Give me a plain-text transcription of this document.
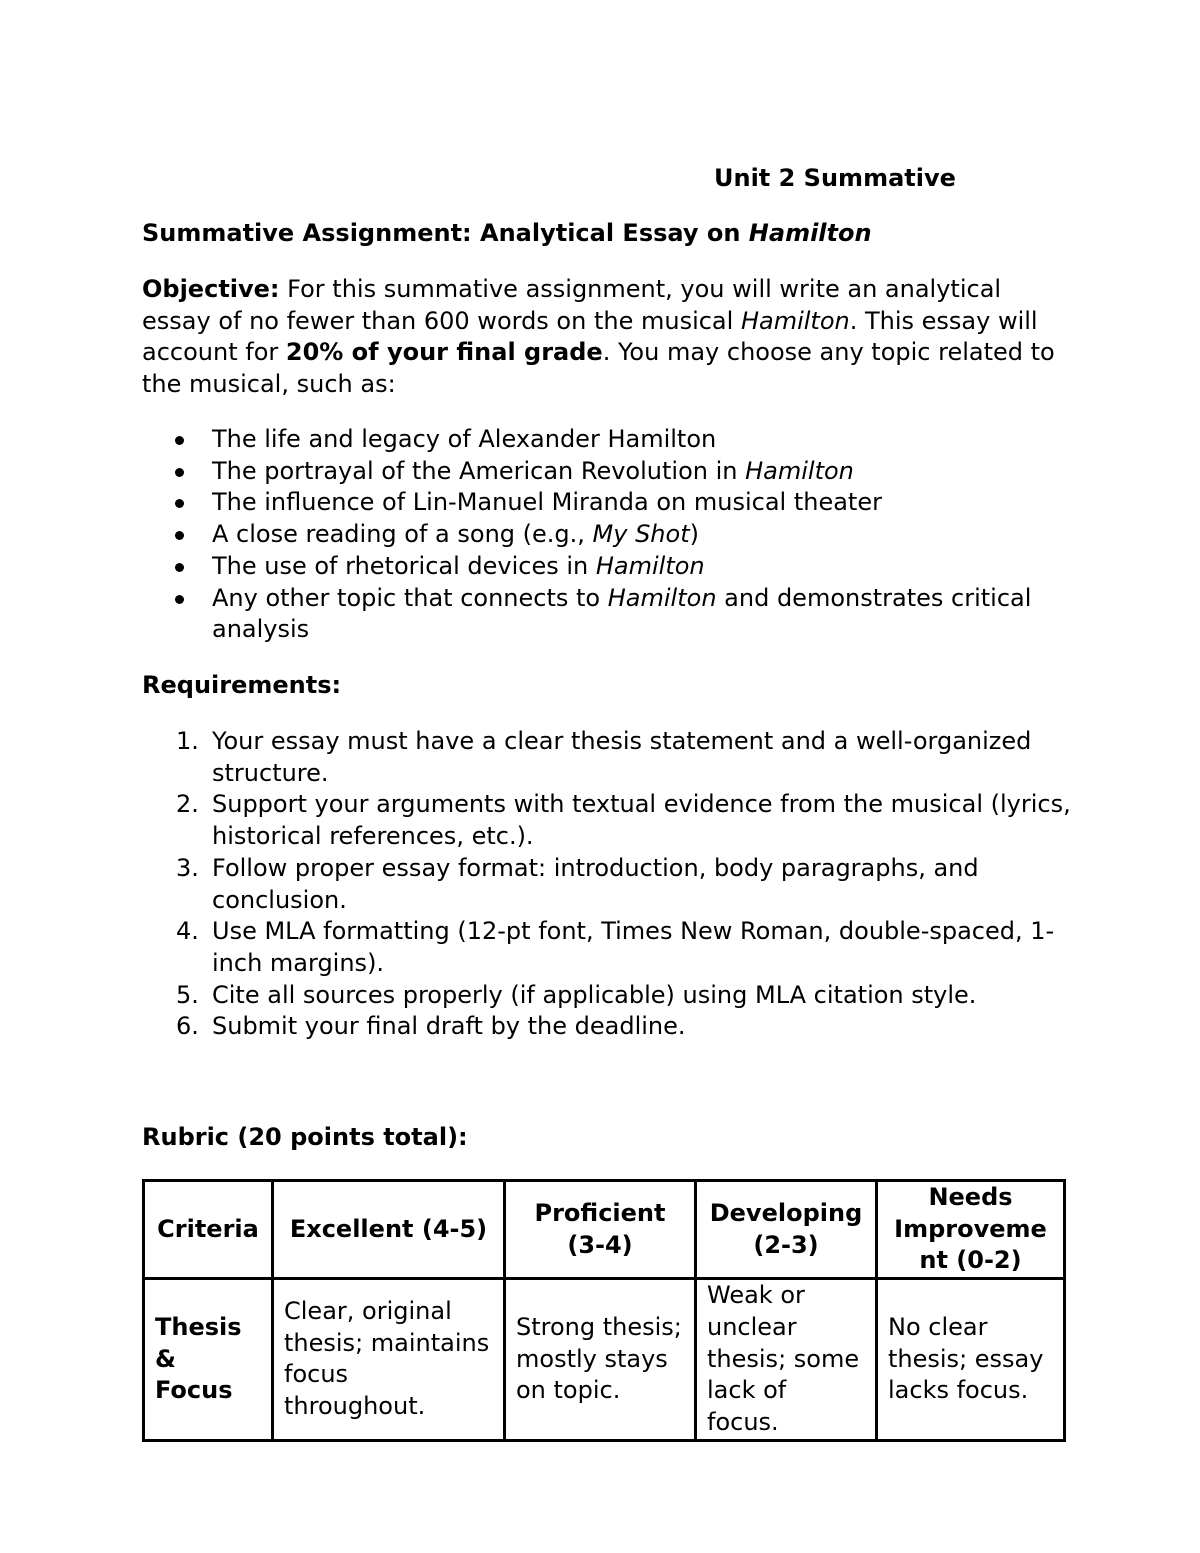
Unit 2 Summative

Summative Assignment: Analytical Essay on Hamilton

Objective: For this summative assignment, you will write an analytical
essay of no fewer than 600 words on the musical Hamilton. This essay will
account for 20% of your final grade. You may choose any topic related to
the musical, such as:

The life and legacy of Alexander Hamilton
The portrayal of the American Revolution in Hamilton
The influence of Lin-Manuel Miranda on musical theater
A close reading of a song (e.g., My Shot)
The use of rhetorical devices in Hamilton
Any other topic that connects to Hamilton and demonstrates critical
analysis

Requirements:

1. Your essay must have a clear thesis statement and a well-organized
structure.
2. Support your arguments with textual evidence from the musical (lyrics,
historical references, etc.).
3. Follow proper essay format: introduction, body paragraphs, and
conclusion.
4. Use MLA formatting (12-pt font, Times New Roman, double-spaced, 1-
inch margins).
5. Cite all sources properly (if applicable) using MLA citation style.
6. Submit your final draft by the deadline.

Rubric (20 points total):

Criteria	Excellent (4-5)	Proficient
(3-4)	Developing
(2-3)	Needs
Improveme
nt (0-2)

Thesis
& Focus	Clear, original
thesis; maintains
focus throughout.	Strong thesis;
mostly stays
on topic.	Weak or
unclear
thesis; some
lack of focus.	No clear
thesis; essay
lacks focus.
